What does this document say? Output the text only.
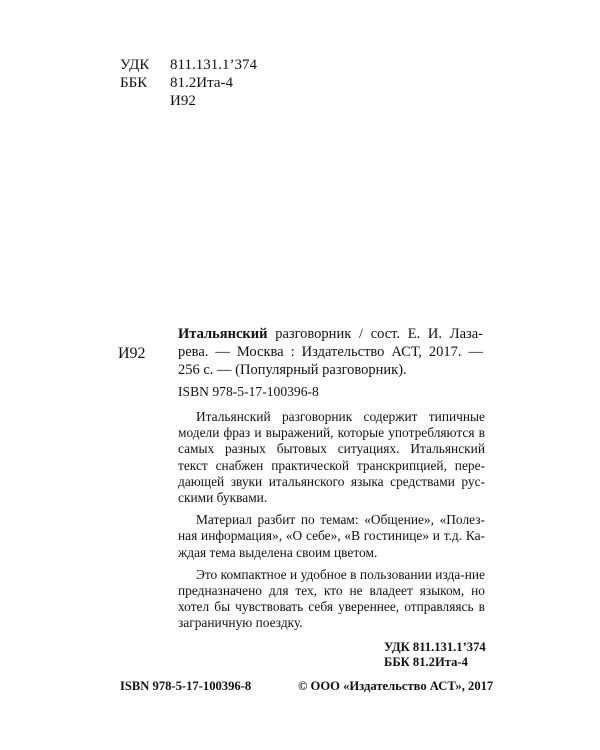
УДК 811.131.1’374
ББК 81.2Ита-4
И92
И92
Итальянский разговорник / сост. Е. И. Лаза-рева. — Москва : Издательство АСТ, 2017. — 256 с. — (Популярный разговорник).
ISBN 978-5-17-100396-8

Итальянский разговорник содержит типичные модели фраз и выражений, которые употребляются в самых разных бытовых ситуациях. Итальянский текст снабжен практической транскрипцией, пере-дающей звуки итальянского языка средствами рус-скими буквами.

Материал разбит по темам: «Общение», «Полез-ная информация», «О себе», «В гостинице» и т.д. Ка-ждая тема выделена своим цветом.

Это компактное и удобное в пользовании изда-ние предназначено для тех, кто не владеет языком, но хотел бы чувствовать себя увереннее, отправляясь в заграничную поездку.

УДК 811.131.1’374
ББК 81.2Ита-4
ISBN 978-5-17-100396-8	© ООО «Издательство АСТ», 2017
